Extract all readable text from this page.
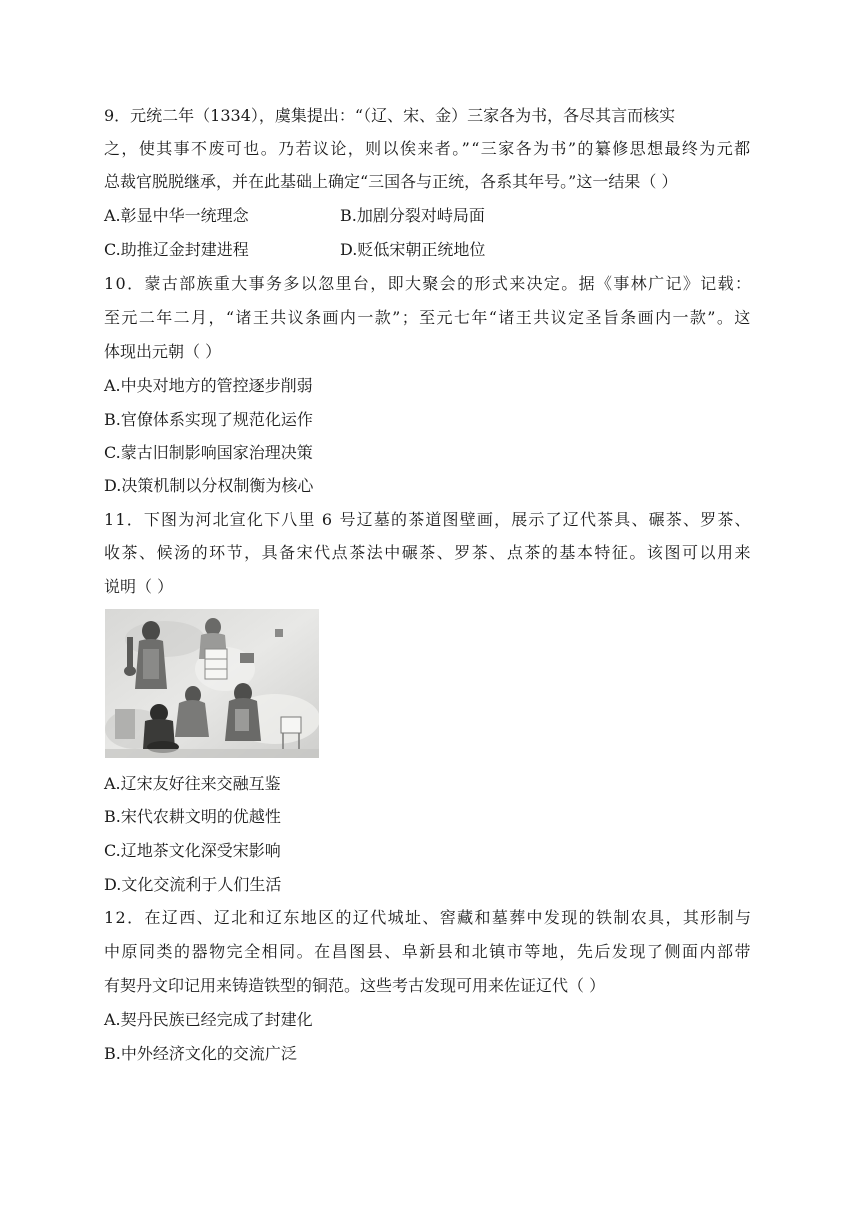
9．元统二年（1334），虞集提出：“（辽、宋、金）三家各为书，各尽其言而核实
之，使其事不废可也。乃若议论，则以俟来者。”“三家各为书”的纂修思想最终为元都
总裁官脱脱继承，并在此基础上确定“三国各与正统，各系其年号。”这一结果（ ）
A.彰显中华一统理念	B.加剧分裂对峙局面
C.助推辽金封建进程	D.贬低宋朝正统地位
10．蒙古部族重大事务多以忽里台，即大聚会的形式来决定。据《事林广记》记载：
至元二年二月，“诸王共议条画内一款”；至元七年“诸王共议定圣旨条画内一款”。这
体现出元朝（ ）
A.中央对地方的管控逐步削弱
B.官僚体系实现了规范化运作
C.蒙古旧制影响国家治理决策
D.决策机制以分权制衡为核心
11．下图为河北宣化下八里 6 号辽墓的茶道图壁画，展示了辽代茶具、碾茶、罗茶、
收茶、候汤的环节，具备宋代点茶法中碾茶、罗茶、点茶的基本特征。该图可以用来
说明（ ）
A.辽宋友好往来交融互鉴
B.宋代农耕文明的优越性
C.辽地茶文化深受宋影响
D.文化交流利于人们生活
12．在辽西、辽北和辽东地区的辽代城址、窖藏和墓葬中发现的铁制农具，其形制与
中原同类的器物完全相同。在昌图县、阜新县和北镇市等地，先后发现了侧面内部带
有契丹文印记用来铸造铁型的铜范。这些考古发现可用来佐证辽代（ ）
A.契丹民族已经完成了封建化
B.中外经济文化的交流广泛
